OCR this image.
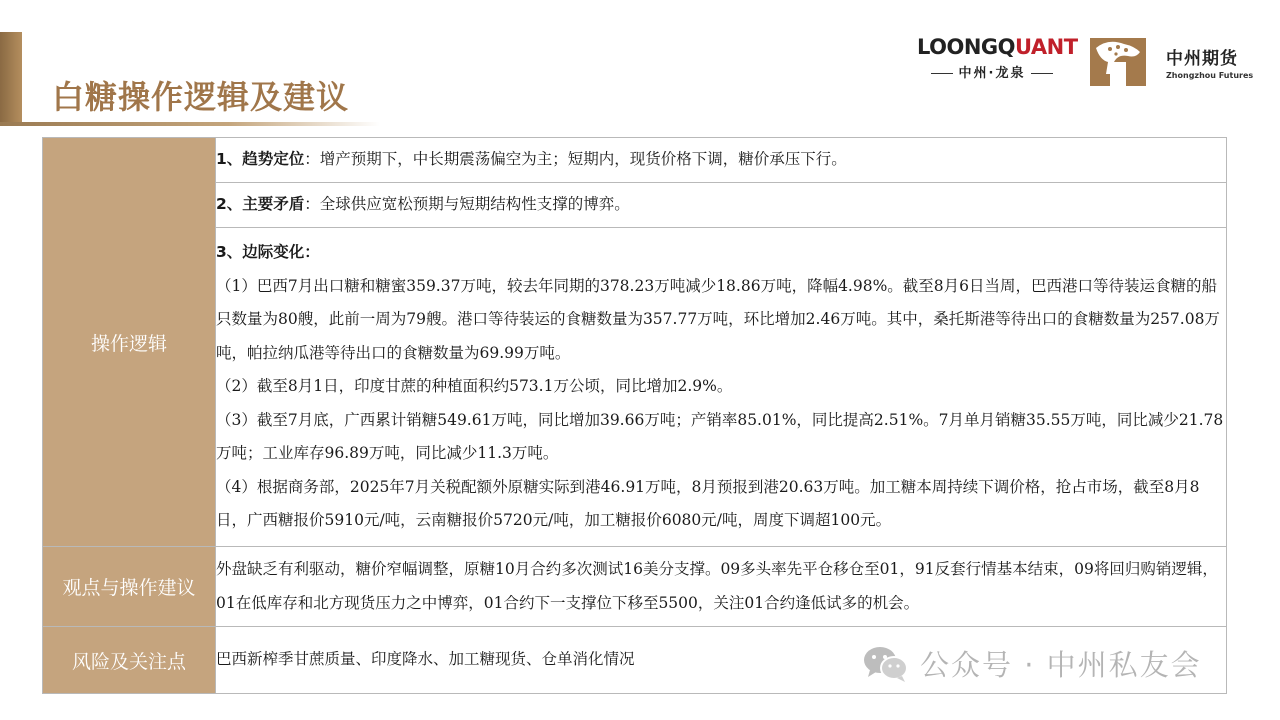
白糖操作逻辑及建议
LOONGQUANT
中州·龙泉
中州期货
Zhongzhou Futures
操作逻辑	1、趋势定位：增产预期下，中长期震荡偏空为主；短期内，现货价格下调，糖价承压下行。

	2、主要矛盾：全球供应宽松预期与短期结构性支撑的博弈。

	3、边际变化：
（1）巴西7月出口糖和糖蜜359.37万吨，较去年同期的378.23万吨减少18.86万吨，降幅4.98%。截至8月6日当周，巴西港口等待装运食糖的船只数量为80艘，此前一周为79艘。港口等待装运的食糖数量为357.77万吨，环比增加2.46万吨。其中，桑托斯港等待出口的食糖数量为257.08万吨，帕拉纳瓜港等待出口的食糖数量为69.99万吨。
（2）截至8月1日，印度甘蔗的种植面积约573.1万公顷，同比增加2.9%。
（3）截至7月底，广西累计销糖549.61万吨，同比增加39.66万吨；产销率85.01%，同比提高2.51%。7月单月销糖35.55万吨，同比减少21.78万吨；工业库存96.89万吨，同比减少11.3万吨。
（4）根据商务部，2025年7月关税配额外原糖实际到港46.91万吨，8月预报到港20.63万吨。加工糖本周持续下调价格，抢占市场，截至8月8日，广西糖报价5910元/吨，云南糖报价5720元/吨，加工糖报价6080元/吨，周度下调超100元。

观点与操作建议	外盘缺乏有利驱动，糖价窄幅调整，原糖10月合约多次测试16美分支撑。09多头率先平仓移仓至01，91反套行情基本结束，09将回归购销逻辑，01在低库存和北方现货压力之中博弈，01合约下一支撑位下移至5500，关注01合约逢低试多的机会。
风险及关注点	巴西新榨季甘蔗质量、印度降水、加工糖现货、仓单消化情况	公众号 · 中州私友会
